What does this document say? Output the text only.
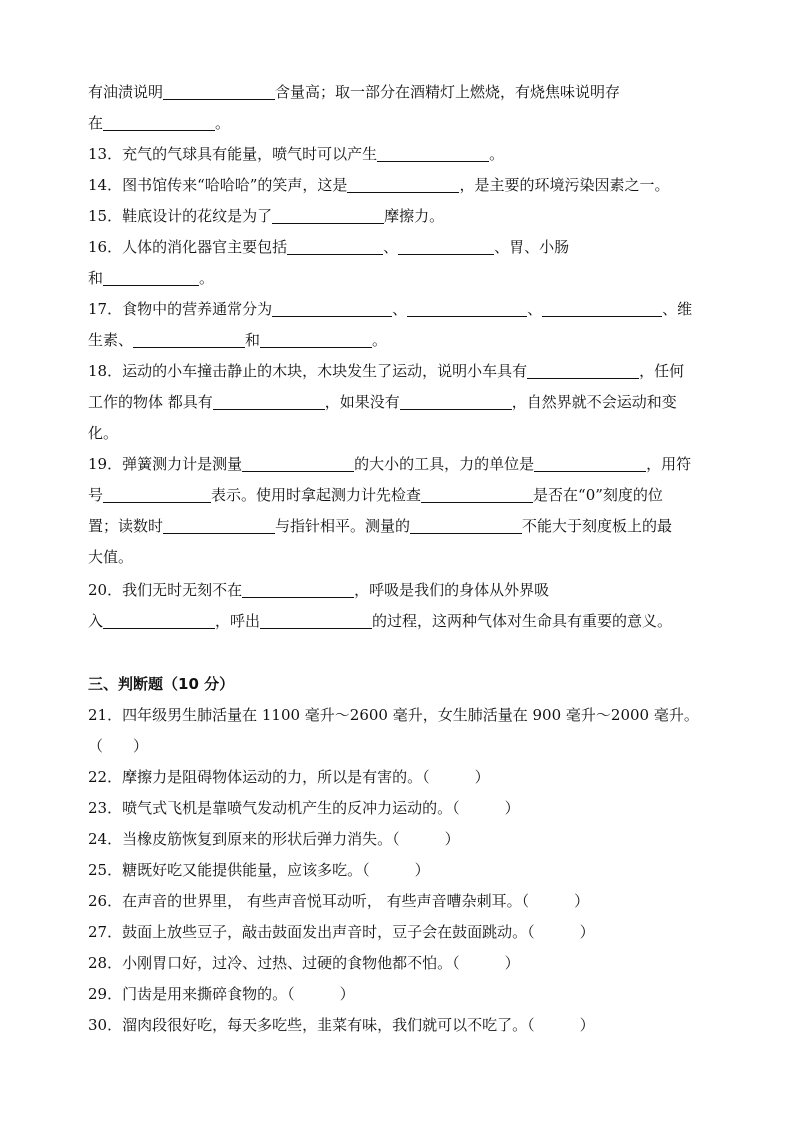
有油渍说明	含量高；取一部分在酒精灯上燃烧，有烧焦味说明存
在	。
13．充气的气球具有能量，喷气时可以产生	。
14．图书馆传来“哈哈哈”的笑声，这是	，是主要的环境污染因素之一。
15．鞋底设计的花纹是为了	摩擦力。
16．人体的消化器官主要包括	、	、胃、小肠
和	。
17．食物中的营养通常分为	、	、	、维
生素、	和	。
18．运动的小车撞击静止的木块，木块发生了运动，说明小车具有	，任何
工作的物体 都具有	，如果没有	，自然界就不会运动和变
化。
19．弹簧测力计是测量	的大小的工具，力的单位是	，用符
号	表示。使用时拿起测力计先检查	是否在“0”刻度的位
置；读数时	与指针相平。测量的	不能大于刻度板上的最
大值。
20．我们无时无刻不在	，呼吸是我们的身体从外界吸
入	，呼出	的过程，这两种气体对生命具有重要的意义。
三、判断题（10 分）
21．四年级男生肺活量在 1100 毫升～2600 毫升，女生肺活量在 900 毫升～2000 毫升。
（　　）
22．摩擦力是阻碍物体运动的力，所以是有害的。（　　　）
23．喷气式飞机是靠喷气发动机产生的反冲力运动的。（　　　）
24．当橡皮筋恢复到原来的形状后弹力消失。（　　　）
25．糖既好吃又能提供能量，应该多吃。（　　　）
26．在声音的世界里， 有些声音悦耳动听， 有些声音嘈杂刺耳。（　　　）
27．鼓面上放些豆子，敲击鼓面发出声音时，豆子会在鼓面跳动。（　　　）
28．小刚胃口好，过冷、过热、过硬的食物他都不怕。（　　　）
29．门齿是用来撕碎食物的。（　　　）
30．溜肉段很好吃，每天多吃些，韭菜有味，我们就可以不吃了。（　　　）
